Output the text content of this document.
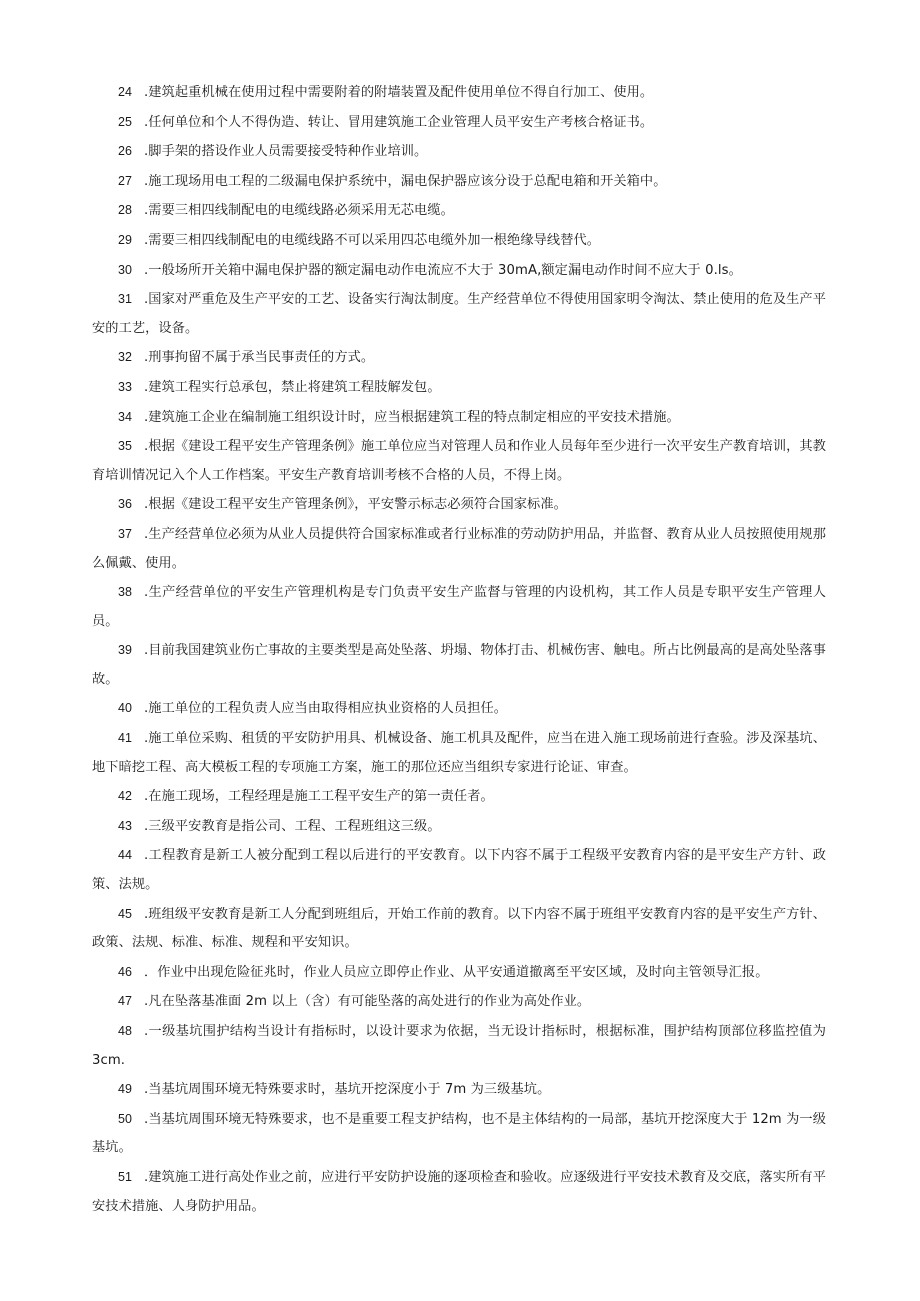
24 .建筑起重机械在使用过程中需要附着的附墙装置及配件使用单位不得自行加工、使用。
25 .任何单位和个人不得伪造、转让、冒用建筑施工企业管理人员平安生产考核合格证书。
26 .脚手架的搭设作业人员需要接受特种作业培训。
27 .施工现场用电工程的二级漏电保护系统中，漏电保护器应该分设于总配电箱和开关箱中。
28 .需要三相四线制配电的电缆线路必须采用无芯电缆。
29 .需要三相四线制配电的电缆线路不可以采用四芯电缆外加一根绝缘导线替代。
30 .一般场所开关箱中漏电保护器的额定漏电动作电流应不大于 30mA,额定漏电动作时间不应大于 0.ls。
31 .国家对严重危及生产平安的工艺、设备实行淘汰制度。生产经营单位不得使用国家明令淘汰、禁止使用的危及生产平安的工艺，设备。
32 .刑事拘留不属于承当民事责任的方式。
33 .建筑工程实行总承包，禁止将建筑工程肢解发包。
34 .建筑施工企业在编制施工组织设计时，应当根据建筑工程的特点制定相应的平安技术措施。
35 .根据《建设工程平安生产管理条例》施工单位应当对管理人员和作业人员每年至少进行一次平安生产教育培训，其教育培训情况记入个人工作档案。平安生产教育培训考核不合格的人员，不得上岗。
36 .根据《建设工程平安生产管理条例》，平安警示标志必须符合国家标准。
37 .生产经营单位必须为从业人员提供符合国家标准或者行业标准的劳动防护用品，并监督、教育从业人员按照使用规那么佩戴、使用。
38 .生产经营单位的平安生产管理机构是专门负责平安生产监督与管理的内设机构，其工作人员是专职平安生产管理人员。
39 .目前我国建筑业伤亡事故的主要类型是高处坠落、坍塌、物体打击、机械伤害、触电。所占比例最高的是高处坠落事故。
40 .施工单位的工程负责人应当由取得相应执业资格的人员担任。
41 .施工单位采购、租赁的平安防护用具、机械设备、施工机具及配件，应当在进入施工现场前进行查验。涉及深基坑、地下暗挖工程、高大模板工程的专项施工方案，施工的那位还应当组织专家进行论证、审查。
42 .在施工现场，工程经理是施工工程平安生产的第一责任者。
43 .三级平安教育是指公司、工程、工程班组这三级。
44 .工程教育是新工人被分配到工程以后进行的平安教育。以下内容不属于工程级平安教育内容的是平安生产方针、政策、法规。
45 .班组级平安教育是新工人分配到班组后，开始工作前的教育。以下内容不属于班组平安教育内容的是平安生产方针、政策、法规、标准、标准、规程和平安知识。
46 ．作业中出现危险征兆时，作业人员应立即停止作业、从平安通道撤离至平安区域，及时向主管领导汇报。
47 .凡在坠落基准面 2m 以上（含）有可能坠落的高处进行的作业为高处作业。
48 .一级基坑围护结构当设计有指标时，以设计要求为依据，当无设计指标时，根据标准，围护结构顶部位移监控值为 3cm.
49 .当基坑周围环境无特殊要求时，基坑开挖深度小于 7m 为三级基坑。
50 .当基坑周围环境无特殊要求，也不是重要工程支护结构，也不是主体结构的一局部，基坑开挖深度大于 12m 为一级基坑。
51 .建筑施工进行高处作业之前，应进行平安防护设施的逐项检查和验收。应逐级进行平安技术教育及交底，落实所有平安技术措施、人身防护用品。
